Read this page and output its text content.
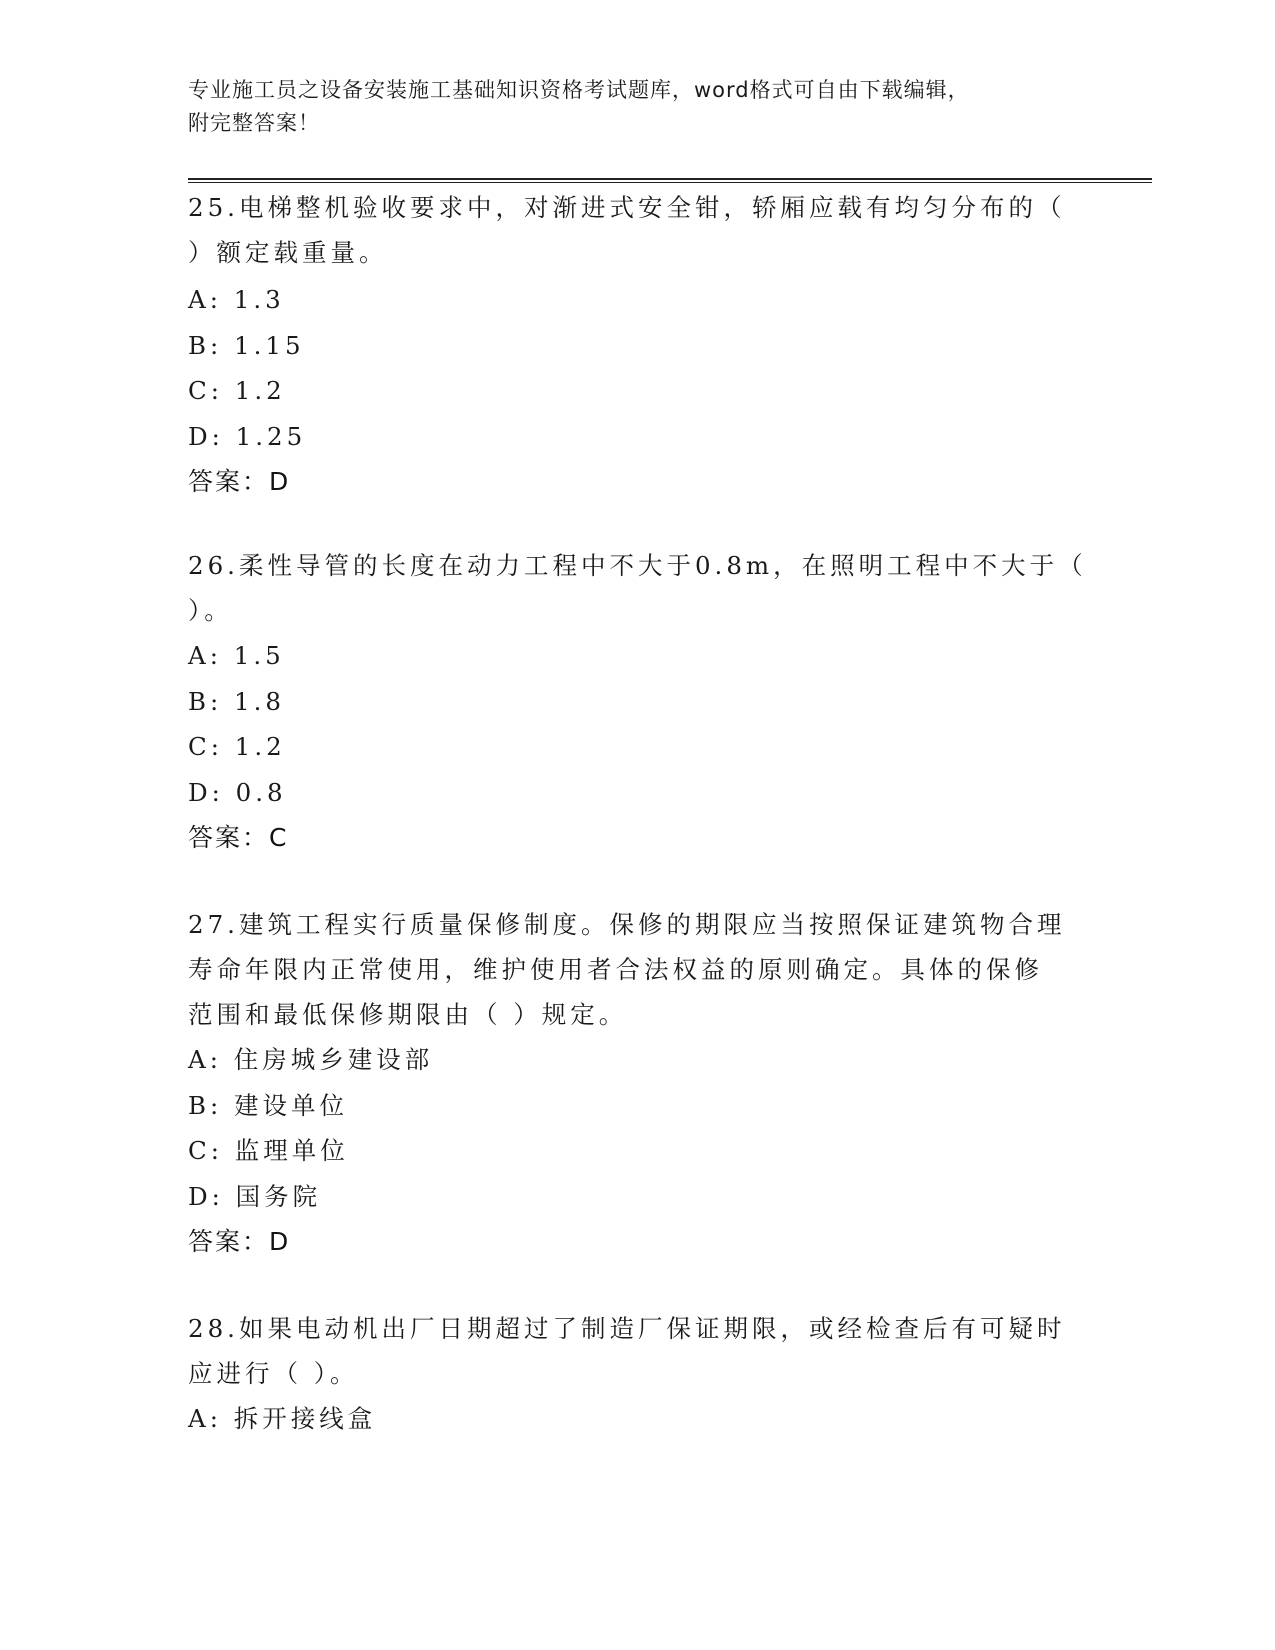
专业施工员之设备安装施工基础知识资格考试题库，word格式可自由下载编辑，
附完整答案！
25.电梯整机验收要求中，对渐进式安全钳，轿厢应载有均匀分布的（
）额定载重量。
A: 1.3
B: 1.15
C: 1.2
D: 1.25
答案：D
26.柔性导管的长度在动力工程中不大于0.8m，在照明工程中不大于（
）。
A: 1.5
B: 1.8
C: 1.2
D: 0.8
答案：C
27.建筑工程实行质量保修制度。保修的期限应当按照保证建筑物合理
寿命年限内正常使用，维护使用者合法权益的原则确定。具体的保修
范围和最低保修期限由（ ）规定。
A: 住房城乡建设部
B: 建设单位
C: 监理单位
D: 国务院
答案：D
28.如果电动机出厂日期超过了制造厂保证期限，或经检查后有可疑时
应进行（ ）。
A: 拆开接线盒
